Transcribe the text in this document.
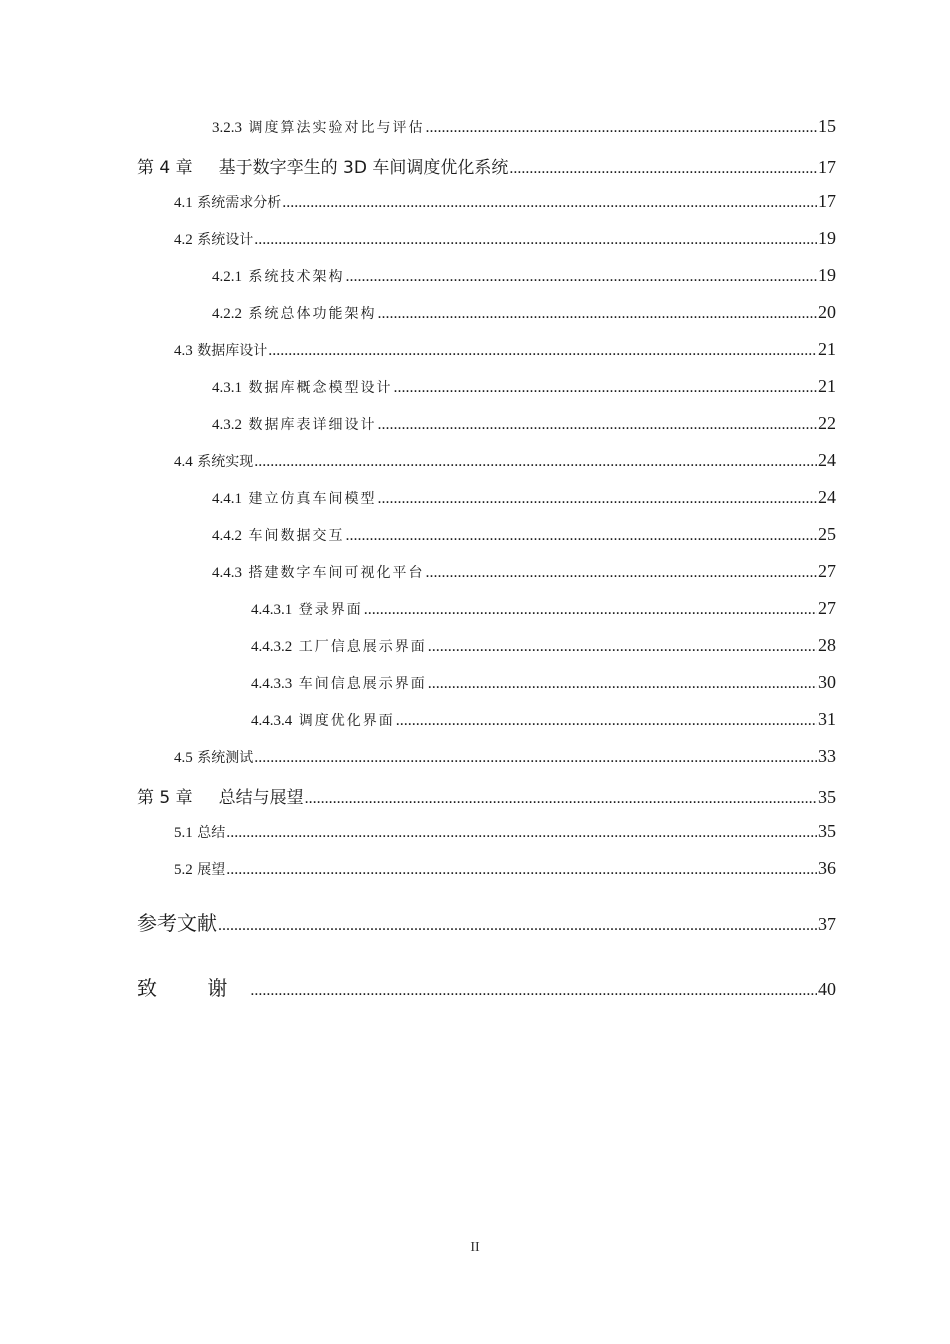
3.2.3 调度算法实验对比与评估 .....	15
第 4 章 基于数字孪生的 3D 车间调度优化系统 .....	17
4.1 系统需求分析 .....	17
4.2 系统设计 .....	19
4.2.1 系统技术架构 .....	19
4.2.2 系统总体功能架构 .....	20
4.3 数据库设计 .....	21
4.3.1 数据库概念模型设计 .....	21
4.3.2 数据库表详细设计 .....	22
4.4 系统实现 .....	24
4.4.1 建立仿真车间模型 .....	24
4.4.2 车间数据交互 .....	25
4.4.3 搭建数字车间可视化平台 .....	27
4.4.3.1 登录界面 .....	27
4.4.3.2 工厂信息展示界面 .....	28
4.4.3.3 车间信息展示界面 .....	30
4.4.3.4 调度优化界面 .....	31
4.5 系统测试 .....	33
第 5 章 总结与展望 .....	35
5.1 总结 .....	35
5.2 展望 .....	36
参考文献 .....	37
致 谢 .....	40
II
